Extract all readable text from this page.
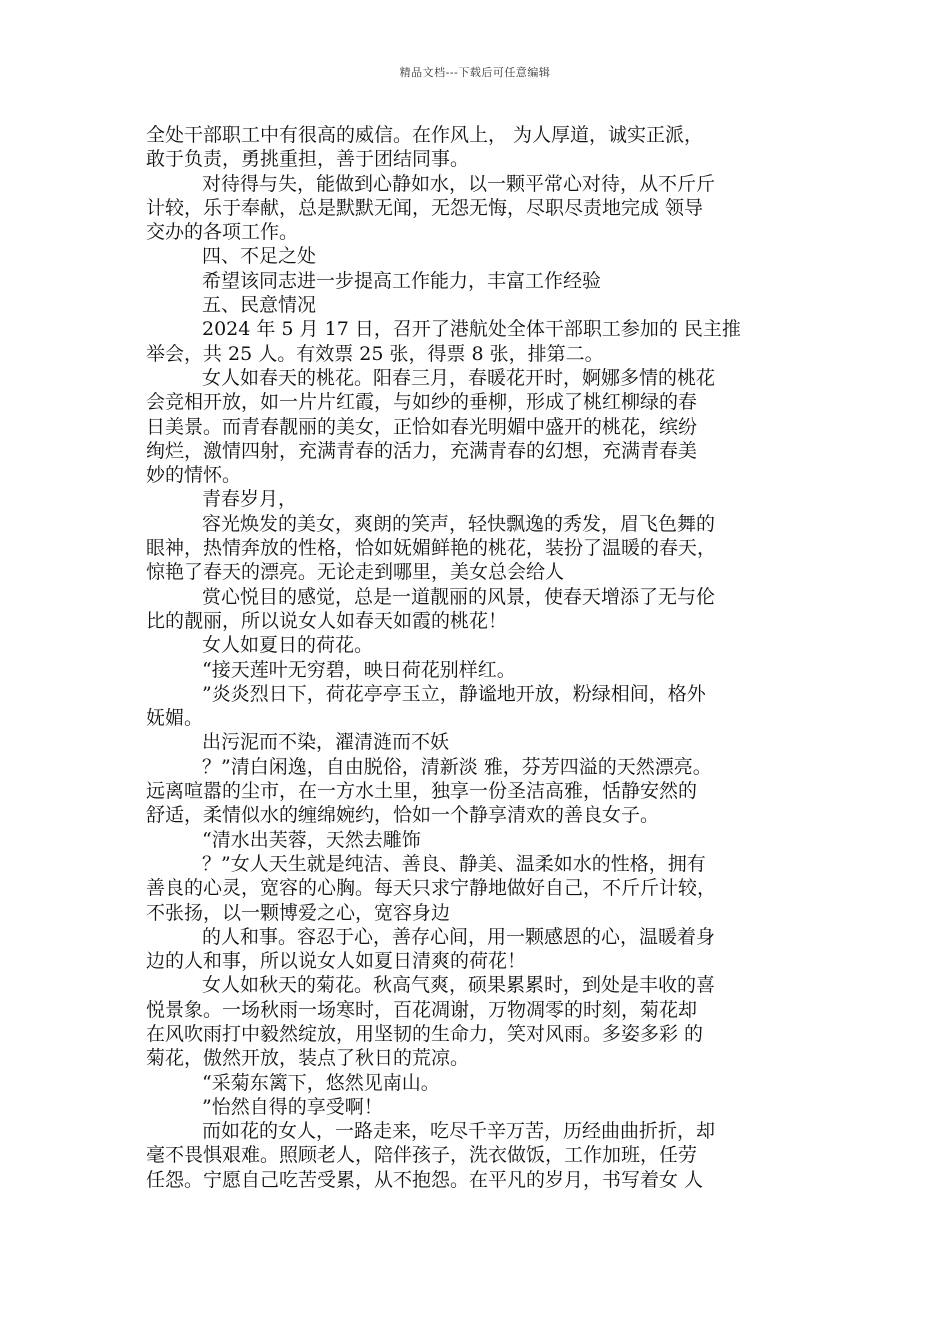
精品文档---下载后可任意编辑
全处干部职工中有很高的威信。在作风上， 为人厚道，诚实正派，
敢于负责，勇挑重担，善于团结同事。
对待得与失，能做到心静如水，以一颗平常心对待，从不斤斤
计较，乐于奉献，总是默默无闻，无怨无悔，尽职尽责地完成 领导
交办的各项工作。
四、不足之处
希望该同志进一步提高工作能力，丰富工作经验
五、民意情况
2024 年 5 月 17 日，召开了港航处全体干部职工参加的 民主推
举会，共 25 人。有效票 25 张，得票 8 张，排第二。
女人如春天的桃花。阳春三月，春暖花开时，婀娜多情的桃花
会竞相开放，如一片片红霞，与如纱的垂柳，形成了桃红柳绿的春
日美景。而青春靓丽的美女，正恰如春光明媚中盛开的桃花，缤纷
绚烂，激情四射，充满青春的活力，充满青春的幻想，充满青春美
妙的情怀。
青春岁月，
容光焕发的美女，爽朗的笑声，轻快飘逸的秀发，眉飞色舞的
眼神，热情奔放的性格，恰如妩媚鲜艳的桃花，装扮了温暖的春天，
惊艳了春天的漂亮。无论走到哪里，美女总会给人
赏心悦目的感觉，总是一道靓丽的风景，使春天增添了无与伦
比的靓丽，所以说女人如春天如霞的桃花！
女人如夏日的荷花。
“接天莲叶无穷碧，映日荷花别样红。
”炎炎烈日下，荷花亭亭玉立，静谧地开放，粉绿相间，格外
妩媚。
出污泥而不染，濯清涟而不妖
？”清白闲逸，自由脱俗，清新淡 雅，芬芳四溢的天然漂亮。
远离喧嚣的尘市，在一方水土里，独享一份圣洁高雅，恬静安然的
舒适，柔情似水的缠绵婉约，恰如一个静享清欢的善良女子。
“清水出芙蓉，天然去雕饰
？”女人天生就是纯洁、善良、静美、温柔如水的性格，拥有
善良的心灵，宽容的心胸。每天只求宁静地做好自己，不斤斤计较，
不张扬，以一颗博爱之心，宽容身边
的人和事。容忍于心，善存心间，用一颗感恩的心，温暖着身
边的人和事，所以说女人如夏日清爽的荷花！
女人如秋天的菊花。秋高气爽，硕果累累时，到处是丰收的喜
悦景象。一场秋雨一场寒时，百花凋谢，万物凋零的时刻，菊花却
在风吹雨打中毅然绽放，用坚韧的生命力，笑对风雨。多姿多彩 的
菊花，傲然开放，装点了秋日的荒凉。
“采菊东篱下，悠然见南山。
”怡然自得的享受啊！
而如花的女人，一路走来，吃尽千辛万苦，历经曲曲折折，却
毫不畏惧艰难。照顾老人，陪伴孩子，洗衣做饭，工作加班，任劳
任怨。宁愿自己吃苦受累，从不抱怨。在平凡的岁月，书写着女 人
